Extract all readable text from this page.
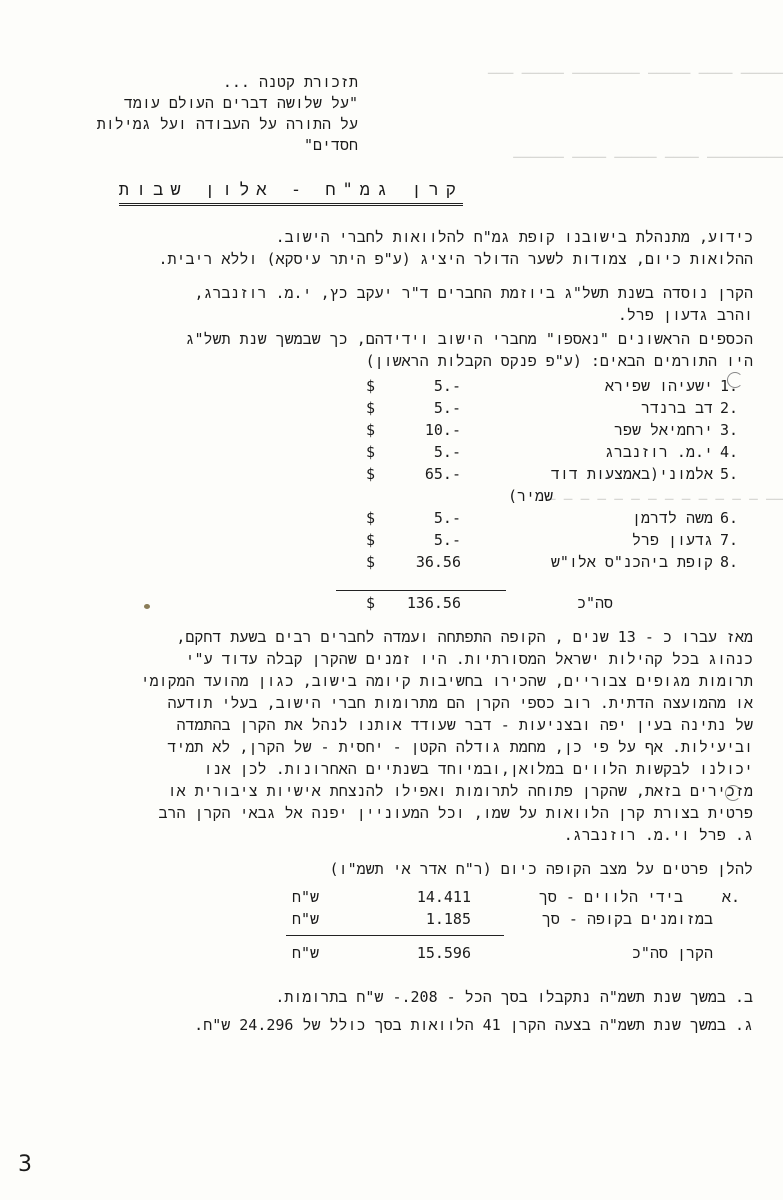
ـــــ ــــ ـــــ ــــــــ ـــــ ـــ
ـــــــــ ــــ ـــــ ــــ ــــــ
ــ ـ ـ ـ ـ ـ ـ ـ ـ ـ ـ ـ ـ ـ
תזכורת קטנה ...
"על שלושה דברים העולם עומד
על התורה על העבודה ועל גמילות
חסדים"
קרן גמ"ח - אלון שבות
כידוע, מתנהלת בישובנו קופת גמ"ח להלוואות לחברי הישוב.
ההלואות כיום, צמודות לשער הדולר היציג (ע"פ היתר עיסקא) וללא ריבית.
הקרן נוסדה בשנת תשל"ג ביוזמת החברים ד"ר יעקב כץ, י.מ. רוזנברג,
והרב גדעון פרל.
הכספים הראשונים "נאספו" מחברי הישוב וידידהם, כך שבמשך שנת תשל"ג
היו התורמים הבאים: (ע"פ פנקס הקבלות הראשון)
1.
ישעיהו שפירא
5.-
$
2.
דב ברנדר
5.-
$
3.
ירחמיאל שפר
10.-
$
4.
י.מ. רוזנברג
5.-
$
5.
אלמוני(באמצעות דוד
65.-
$
שמיר)
6.
משה לדרמן
5.-
$
7.
גדעון פרל
5.-
$
8.
קופת ביהכנ"ס אלו"ש
36.56
$
סה"כ
136.56
$
מאז עברו כ - 13 שנים , הקופה התפתחה ועמדה לחברים רבים בשעת דחקם,
כנהוג בכל קהילות ישראל המסורתיות. היו זמנים שהקרן קבלה עדוד ע"י
תרומות מגופים צבוריים, שהכירו בחשיבות קיומה בישוב, כגון מהועד המקומי
או מהמועצה הדתית. רוב כספי הקרן הם מתרומות חברי הישוב, בעלי תודעה
של נתינה בעין יפה ובצניעות - דבר שעודד אותנו לנהל את הקרן בהתמדה
וביעילות. אף על פי כן, מחמת גודלה הקטן - יחסית - של הקרן, לא תמיד
יכולנו לבקשות הלווים במלואן,ובמיוחד בשנתיים האחרונות. לכן אנו
מזכירים בזאת, שהקרן פתוחה לתרומות ואפילו להנצחת אישיות ציבורית או
פרטית בצורת קרן הלוואות על שמו, וכל המעוניין יפנה אל גבאי הקרן הרב
ג. פרל וי.מ. רוזנברג.
להלן פרטים על מצב הקופה כיום (ר"ח אדר אי תשמ"ו)
א.
בידי הלווים - סך
14.411
ש"ח
במזומנים בקופה - סך
1.185
ש"ח
הקרן סה"כ
15.596
ש"ח
ב. במשך שנת תשמ"ה נתקבלו בסך הכל - 208.- ש"ח בתרומות.
ג. במשך שנת תשמ"ה בצעה הקרן 41 הלוואות בסך כולל של 24.296 ש"ח.
3
